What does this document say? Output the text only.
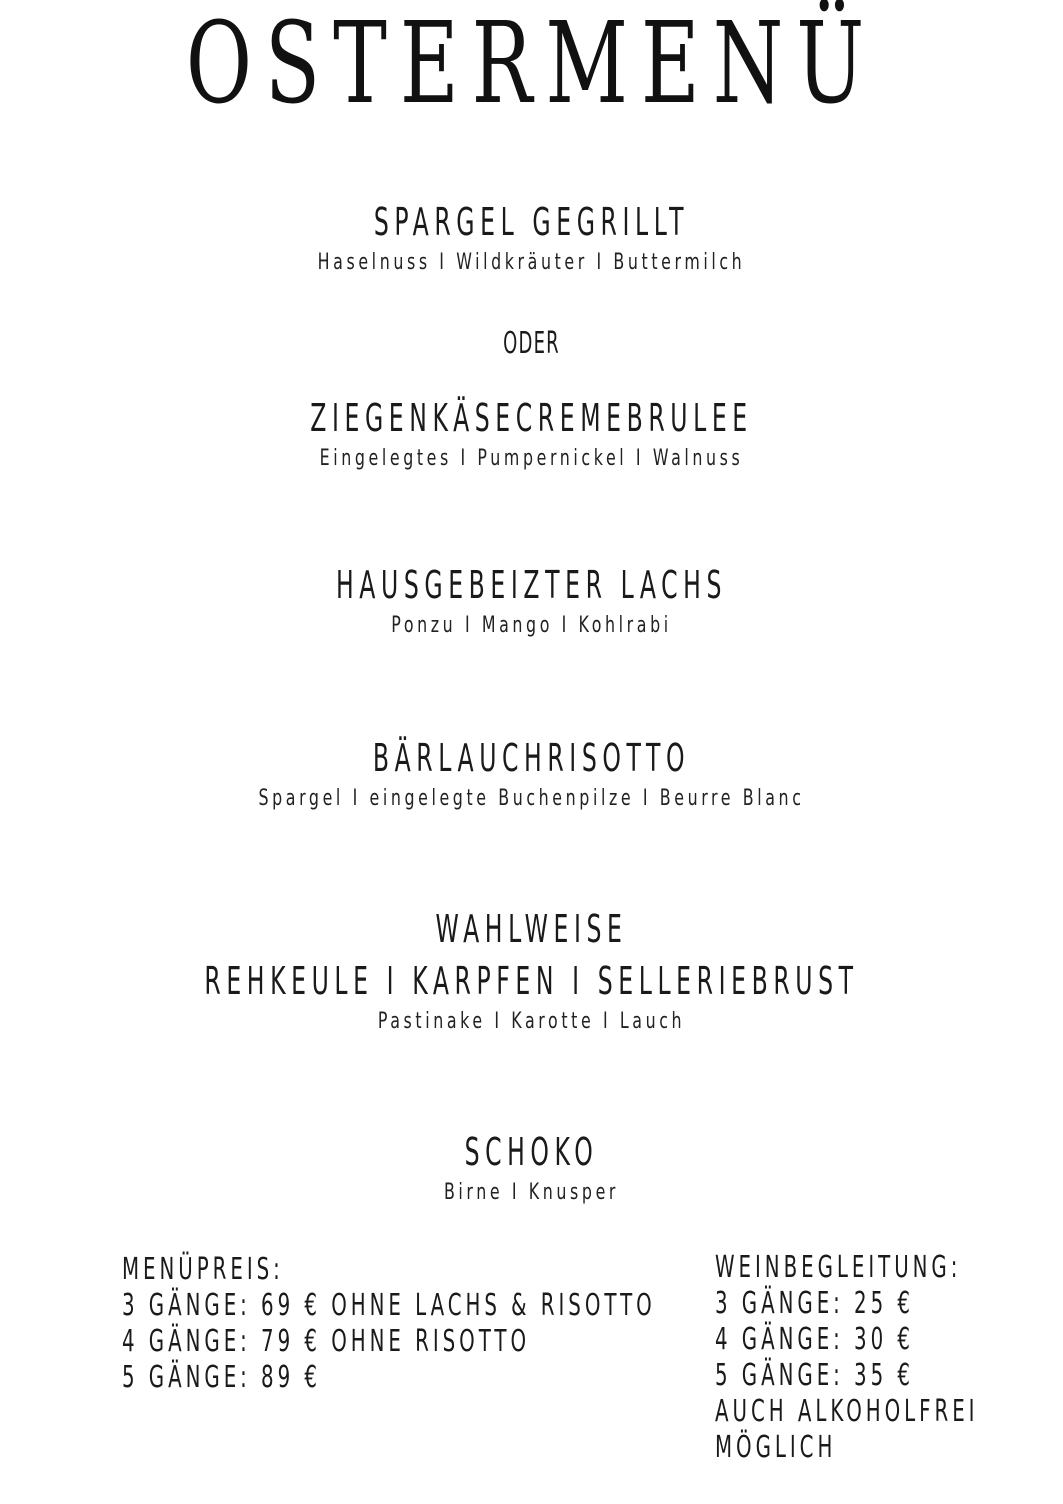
OSTERMENÜ
SPARGEL GEGRILLT
Haselnuss I Wildkräuter I Buttermilch
ODER
ZIEGENKÄSECREMEBRULEE
Eingelegtes I Pumpernickel I Walnuss
HAUSGEBEIZTER LACHS
Ponzu I Mango I Kohlrabi
BÄRLAUCHRISOTTO
Spargel I eingelegte Buchenpilze I Beurre Blanc
WAHLWEISE
REHKEULE I KARPFEN I SELLERIEBRUST
Pastinake I Karotte I Lauch
SCHOKO
Birne I Knusper
MENÜPREIS:
3 GÄNGE: 69 € OHNE LACHS & RISOTTO
4 GÄNGE: 79 € OHNE RISOTTO
5 GÄNGE: 89 €
WEINBEGLEITUNG:
3 GÄNGE: 25 €
4 GÄNGE: 30 €
5 GÄNGE: 35 €
AUCH ALKOHOLFREI
MÖGLICH
